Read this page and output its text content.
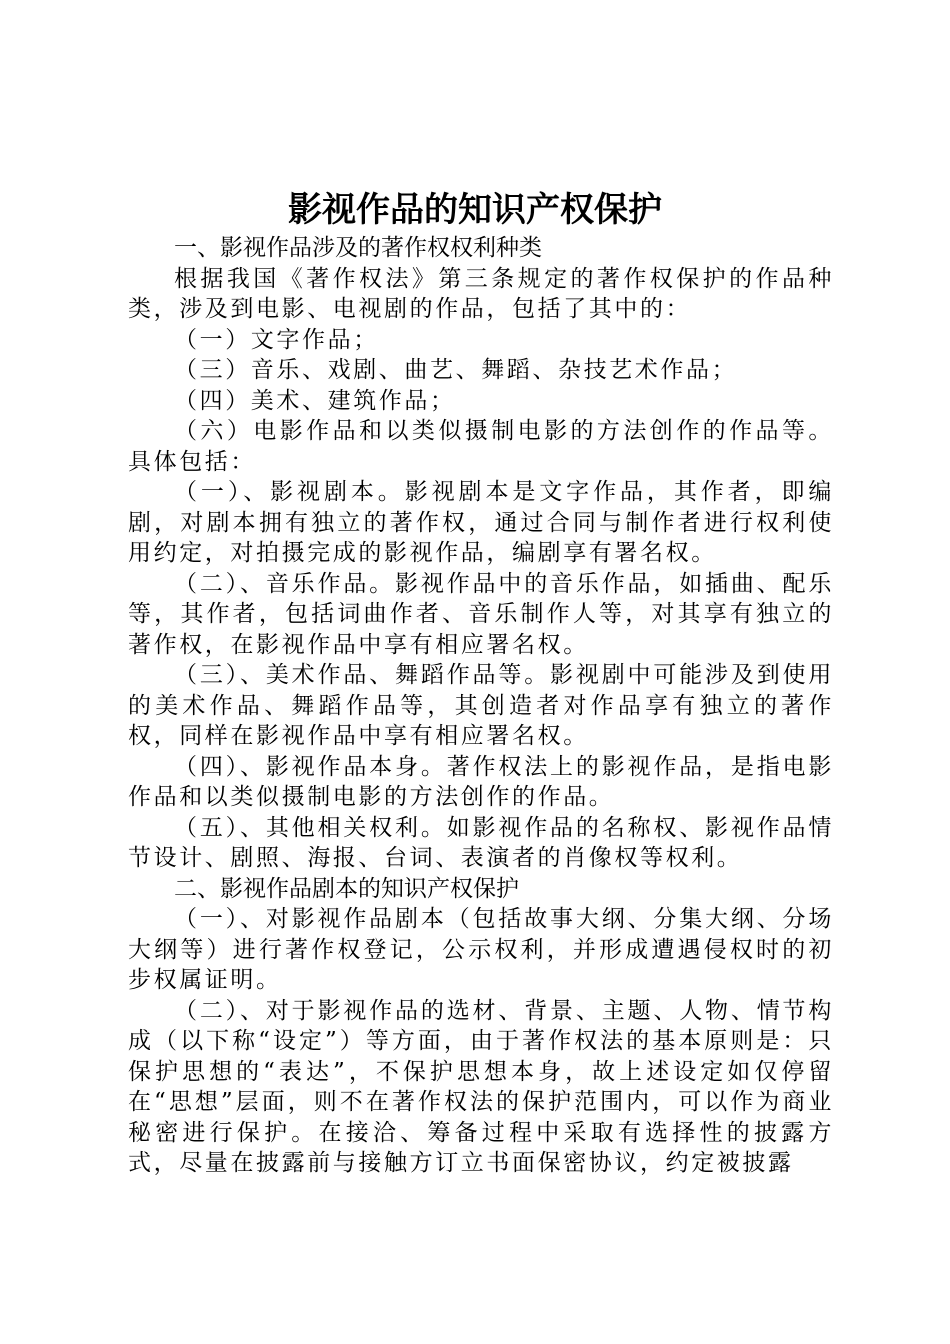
影视作品的知识产权保护

一、影视作品涉及的著作权权利种类

根据我国《著作权法》第三条规定的著作权保护的作品种类，涉及到电影、电视剧的作品，包括了其中的：

（一）文字作品；

（三）音乐、戏剧、曲艺、舞蹈、杂技艺术作品；

（四）美术、建筑作品；

（六）电影作品和以类似摄制电影的方法创作的作品等。具体包括：

（一）、影视剧本。影视剧本是文字作品，其作者，即编剧，对剧本拥有独立的著作权，通过合同与制作者进行权利使用约定，对拍摄完成的影视作品，编剧享有署名权。

（二）、音乐作品。影视作品中的音乐作品，如插曲、配乐等，其作者，包括词曲作者、音乐制作人等，对其享有独立的著作权，在影视作品中享有相应署名权。

（三）、美术作品、舞蹈作品等。影视剧中可能涉及到使用的美术作品、舞蹈作品等，其创造者对作品享有独立的著作权，同样在影视作品中享有相应署名权。

（四）、影视作品本身。著作权法上的影视作品，是指电影作品和以类似摄制电影的方法创作的作品。

（五）、其他相关权利。如影视作品的名称权、影视作品情节设计、剧照、海报、台词、表演者的肖像权等权利。

二、影视作品剧本的知识产权保护

（一）、对影视作品剧本（包括故事大纲、分集大纲、分场大纲等）进行著作权登记，公示权利，并形成遭遇侵权时的初步权属证明。

（二）、对于影视作品的选材、背景、主题、人物、情节构成（以下称“设定”）等方面，由于著作权法的基本原则是：只保护思想的“表达”，不保护思想本身，故上述设定如仅停留在“思想”层面，则不在著作权法的保护范围内，可以作为商业秘密进行保护。在接洽、筹备过程中采取有选择性的披露方式，尽量在披露前与接触方订立书面保密协议，约定被披露
